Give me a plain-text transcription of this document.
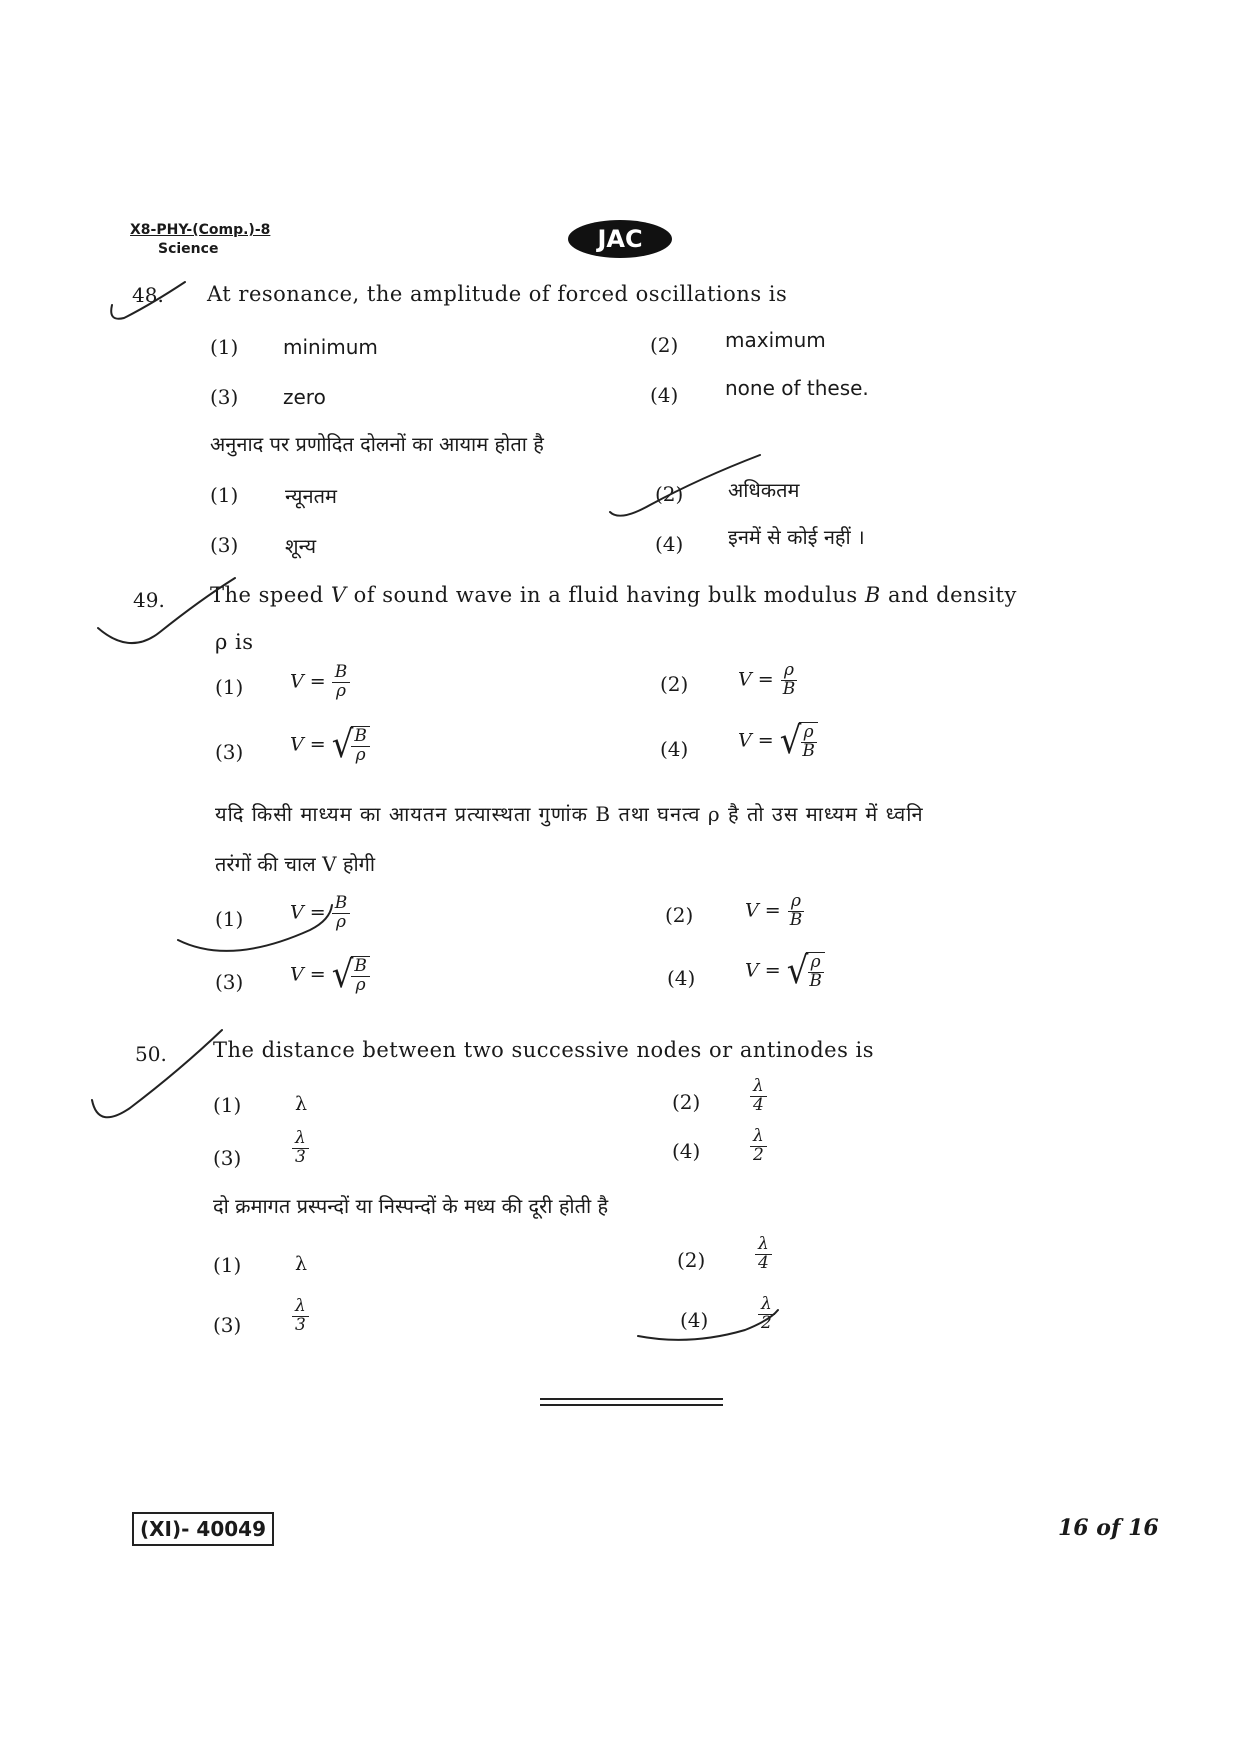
X8-PHY-(Comp.)-8
Science	JAC
48. At resonance, the amplitude of forced oscillations is
(1) minimum	(2) maximum
(3) zero	(4) none of these.
अनुनाद पर प्रणोदित दोलनों का आयाम होता है
(1) न्यूनतम	(2) अधिकतम
(3) शून्य	(4) इनमें से कोई नहीं ।
49. The speed V of sound wave in a fluid having bulk modulus B and density
ρ is
(1) $V = \frac{B}{\rho}$	(2)	$V = \frac{\rho}{B}$
(3) V = √
$\frac{B}{\rho}$	(4)	V = √
$\frac{\rho}{B}$
यदि किसी माध्यम का आयतन प्रत्यास्थता गुणांक B तथा घनत्व ρ है तो उस माध्यम में ध्वनि
तरंगों की चाल V होगी
(1) $V = \frac{B}{\rho}$	(2)	$V = \frac{\rho}{B}$
(3) V = √
$\frac{B}{\rho}$	(4)	V = √
$\frac{\rho}{B}$
50. The distance between two successive nodes or antinodes is
(1)	λ	(2)	$\frac{\lambda}{4}$
(3)	$\frac{\lambda}{3}$	(4)	$\frac{\lambda}{2}$
दो क्रमागत प्रस्पन्दों या निस्पन्दों के मध्य की दूरी होती है
(1)	λ	(2)	$\frac{\lambda}{4}$
(3)	$\frac{\lambda}{3}$	(4)	$\frac{\lambda}{2}$
(XI)- 40049	16 of 16
